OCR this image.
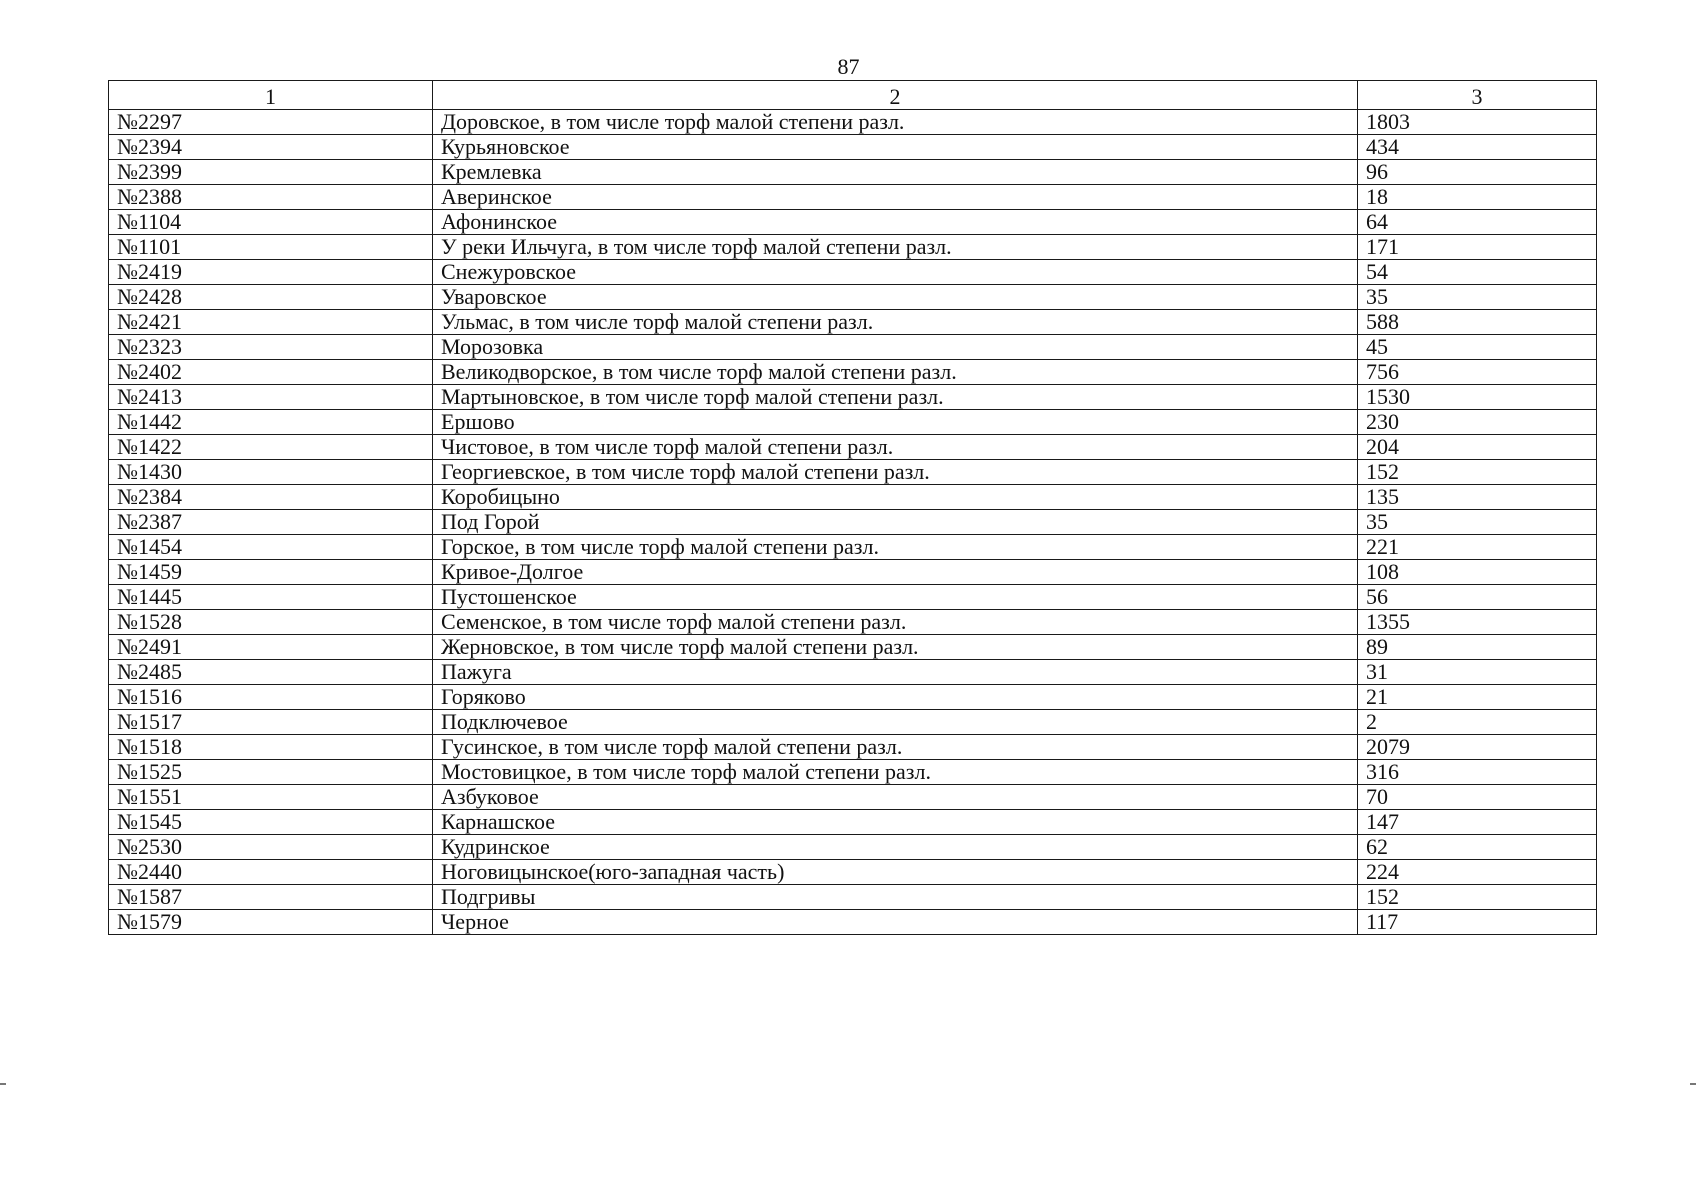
87
1	2	3
№2297	Доровское, в том числе торф малой степени разл.	1803
№2394	Курьяновское	434
№2399	Кремлевка	96
№2388	Аверинское	18
№1104	Афонинское	64
№1101	У реки Ильчуга, в том числе торф малой степени разл.	171
№2419	Снежуровское	54
№2428	Уваровское	35
№2421	Ульмас, в том числе торф малой степени разл.	588
№2323	Морозовка	45
№2402	Великодворское, в том числе торф малой степени разл.	756
№2413	Мартыновское, в том числе торф малой степени разл.	1530
№1442	Ершово	230
№1422	Чистовое, в том числе торф малой степени разл.	204
№1430	Георгиевское, в том числе торф малой степени разл.	152
№2384	Коробицыно	135
№2387	Под Горой	35
№1454	Горское, в том числе торф малой степени разл.	221
№1459	Кривое-Долгое	108
№1445	Пустошенское	56
№1528	Семенское, в том числе торф малой степени разл.	1355
№2491	Жерновское, в том числе торф малой степени разл.	89
№2485	Пажуга	31
№1516	Горяково	21
№1517	Подключевое	2
№1518	Гусинское, в том числе торф малой степени разл.	2079
№1525	Мостовицкое, в том числе торф малой степени разл.	316
№1551	Азбуковое	70
№1545	Карнашское	147
№2530	Кудринское	62
№2440	Ноговицынское(юго-западная часть)	224
№1587	Подгривы	152
№1579	Черное	117
